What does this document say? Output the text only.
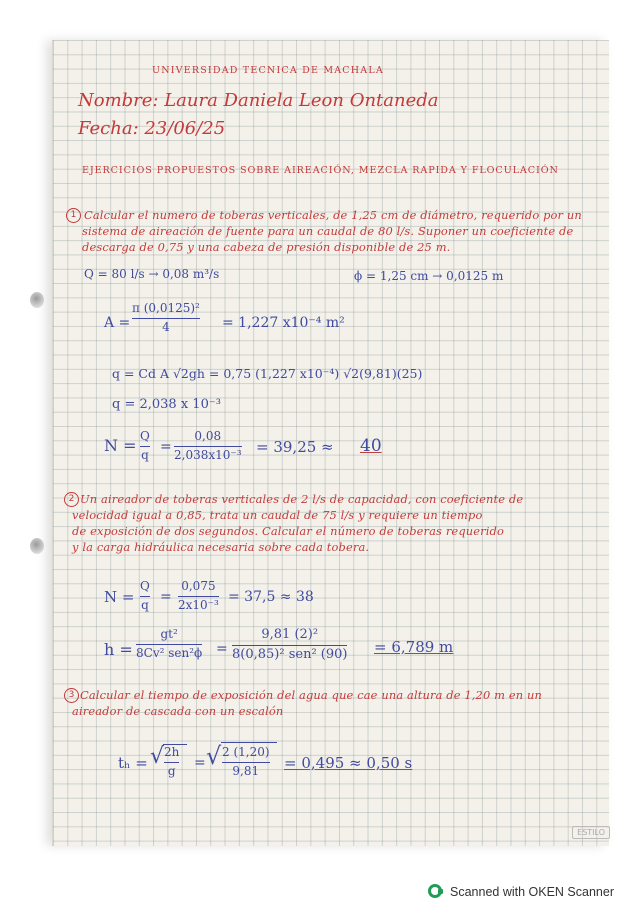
UNIVERSIDAD TECNICA DE MACHALA
Nombre: Laura Daniela Leon Ontaneda
Fecha: 23/06/25
EJERCICIOS PROPUESTOS SOBRE AIREACIÓN, MEZCLA RAPIDA Y FLOCULACIÓN
1 Calcular el numero de toberas verticales, de 1,25 cm de diámetro, requerido por un
sistema de aireación de fuente para un caudal de 80 l/s. Suponer un coeficiente de
descarga de 0,75 y una cabeza de presión disponible de 25 m.
Q = 80 l/s → 0,08 m³/s	ϕ = 1,25 cm → 0,0125 m
A =
π (0,0125)²
4	= 1,227 x10⁻⁴ m²
q = Cd A √2gh = 0,75 (1,227 x10⁻⁴) √2(9,81)(25)
q = 2,038 x 10⁻³
N = Q
q =
0,08
2,038x10⁻³ = 39,25 ≈ 40
2 Un aireador de toberas verticales de 2 l/s de capacidad, con coeficiente de
velocidad igual a 0,85, trata un caudal de 75 l/s y requiere un tiempo
de exposición de dos segundos. Calcular el número de toberas requerido
y la carga hidráulica necesaria sobre cada tobera.
N =
Q
q =
0,075
2x10⁻³ = 37,5 ≈ 38
h =
gt²
8Cv² sen²ϕ =
9,81 (2)²
8(0,85)² sen² (90) = 6,789 m
3 Calcular el tiempo de exposición del agua que cae una altura de 1,20 m en un
aireador de cascada con un escalón
tₕ = √ 2h
g = √ 2 (1,20)
9,81 = 0,495 ≈ 0,50 s
ESTILO
Scanned with OKEN Scanner
